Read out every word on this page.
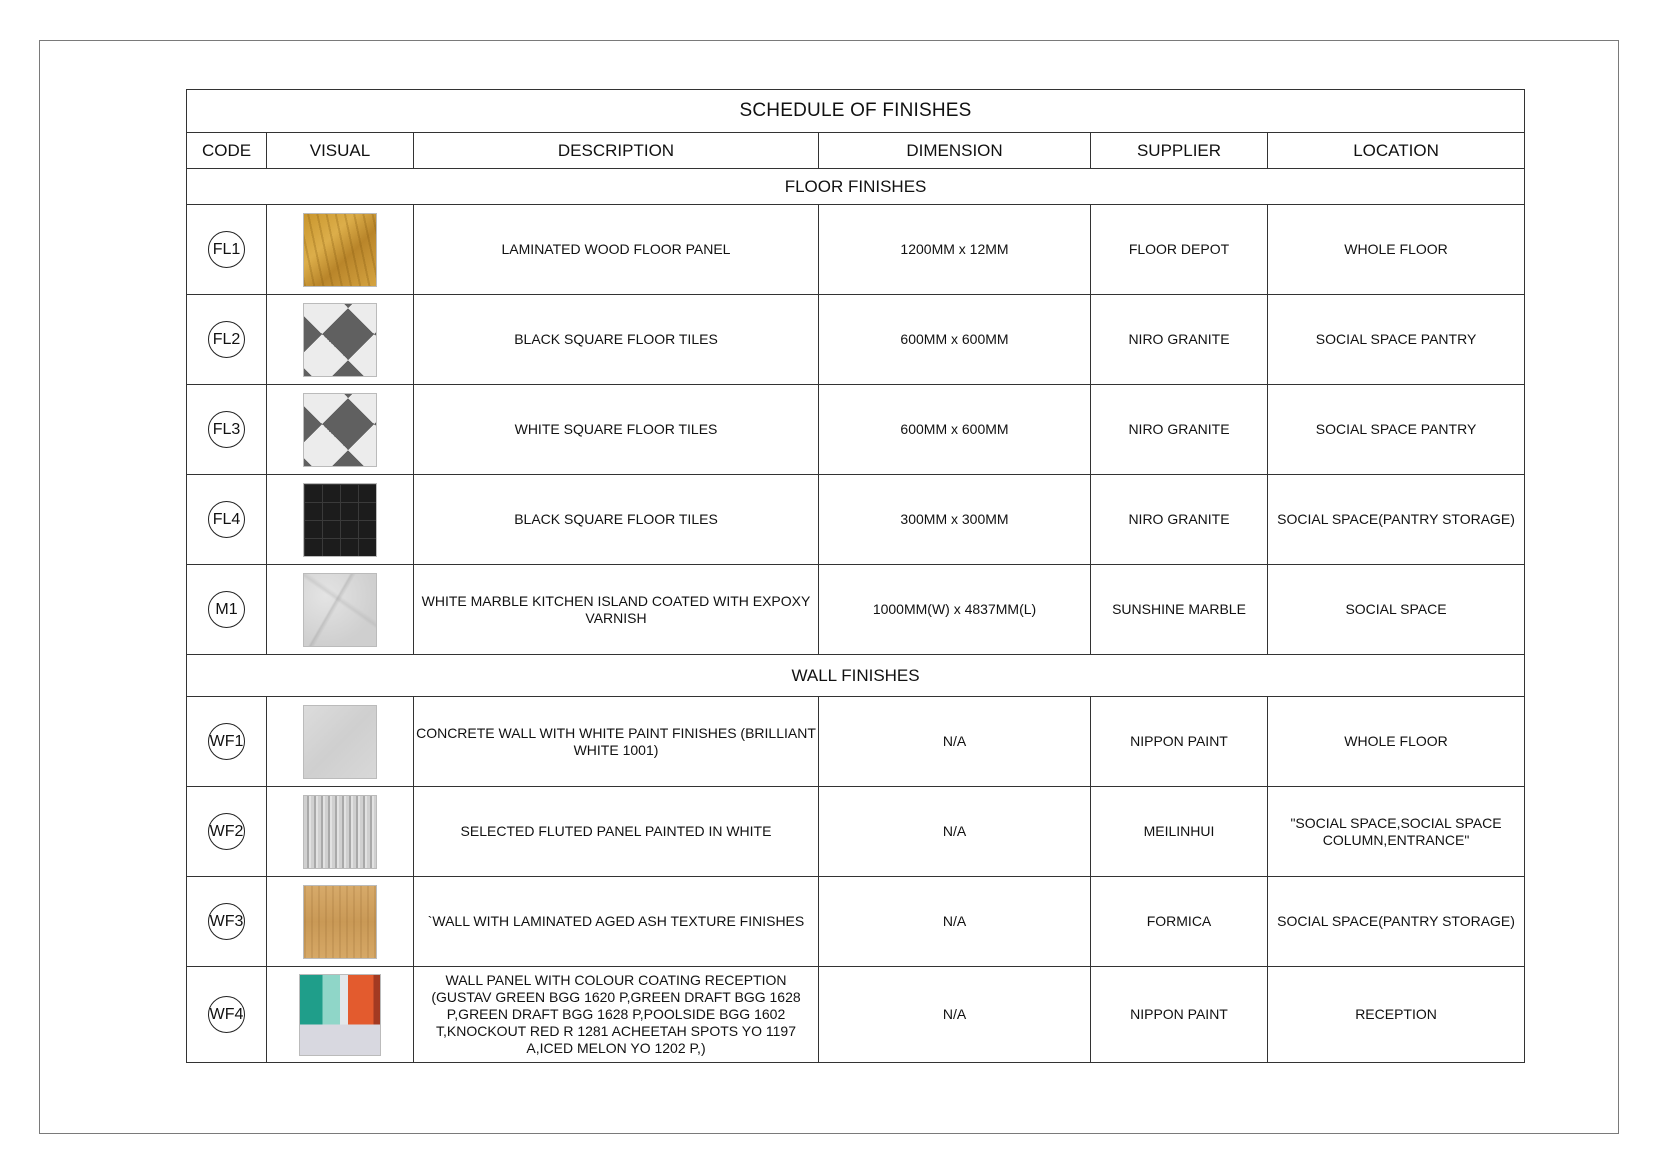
SCHEDULE OF FINISHES					
CODE	VISUAL	DESCRIPTION	DIMENSION	SUPPLIER	LOCATION
FLOOR FINISHES					
FL1		LAMINATED WOOD FLOOR PANEL	1200MM x 12MM	FLOOR DEPOT	WHOLE FLOOR
FL2		BLACK SQUARE FLOOR TILES	600MM x 600MM	NIRO GRANITE	SOCIAL SPACE PANTRY
FL3		WHITE SQUARE FLOOR TILES	600MM x 600MM	NIRO GRANITE	SOCIAL SPACE PANTRY
FL4		BLACK SQUARE FLOOR TILES	300MM x 300MM	NIRO GRANITE	SOCIAL SPACE(PANTRY STORAGE)
M1		WHITE MARBLE KITCHEN ISLAND COATED WITH EXPOXY VARNISH	1000MM(W) x 4837MM(L)	SUNSHINE MARBLE	SOCIAL SPACE
WALL FINISHES					
WF1		CONCRETE WALL WITH WHITE PAINT FINISHES (BRILLIANT WHITE 1001)	N/A	NIPPON PAINT	WHOLE FLOOR
WF2		SELECTED FLUTED PANEL PAINTED IN WHITE	N/A	MEILINHUI	"SOCIAL SPACE,SOCIAL SPACE COLUMN,ENTRANCE"
WF3		`WALL WITH LAMINATED AGED ASH TEXTURE FINISHES	N/A	FORMICA	SOCIAL SPACE(PANTRY STORAGE)
WF4		WALL PANEL WITH COLOUR COATING RECEPTION (GUSTAV GREEN BGG 1620 P,GREEN DRAFT BGG 1628 P,GREEN DRAFT BGG 1628 P,POOLSIDE BGG 1602 T,KNOCKOUT RED R 1281 ACHEETAH SPOTS YO 1197 A,ICED MELON YO 1202 P,)	N/A	NIPPON PAINT	RECEPTION
